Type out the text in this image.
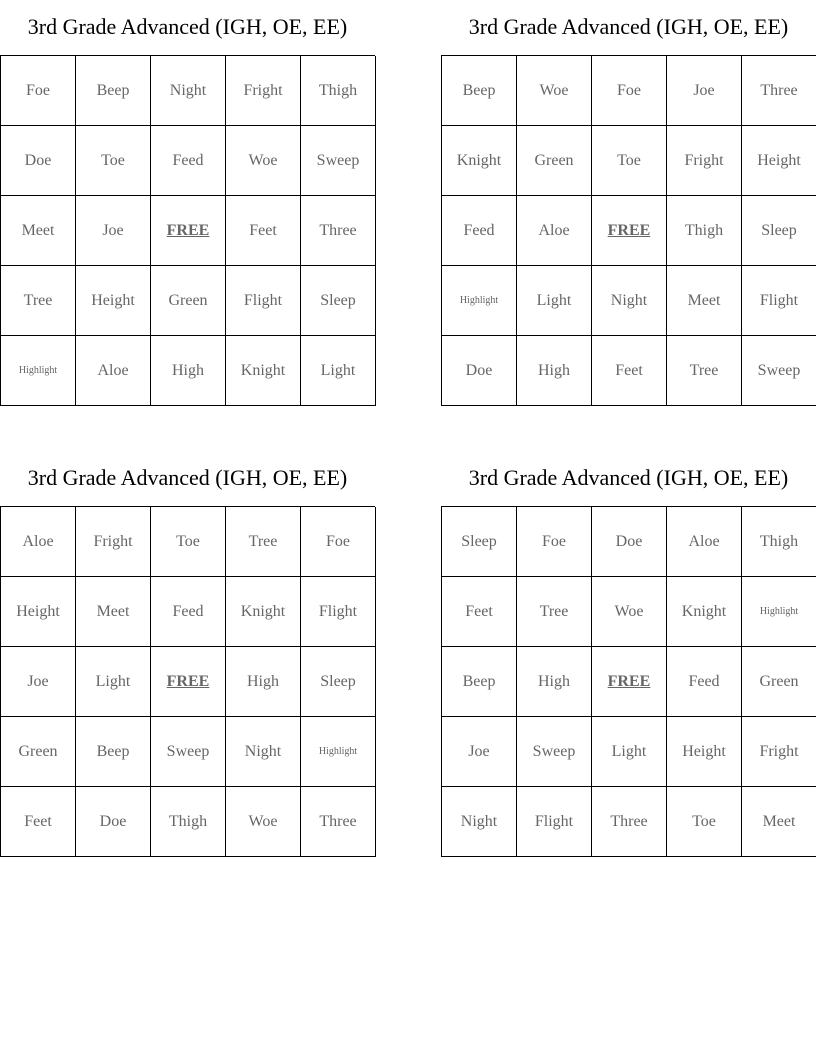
3rd Grade Advanced (IGH, OE, EE)
Foe	Beep	Night	Fright	Thigh
Doe	Toe	Feed	Woe	Sweep
Meet	Joe	FREE	Feet	Three
Tree	Height	Green	Flight	Sleep
Highlight	Aloe	High	Knight	Light
3rd Grade Advanced (IGH, OE, EE)
Beep	Woe	Foe	Joe	Three
Knight	Green	Toe	Fright	Height
Feed	Aloe	FREE	Thigh	Sleep
Highlight	Light	Night	Meet	Flight
Doe	High	Feet	Tree	Sweep
3rd Grade Advanced (IGH, OE, EE)
Aloe	Fright	Toe	Tree	Foe
Height	Meet	Feed	Knight	Flight
Joe	Light	FREE	High	Sleep
Green	Beep	Sweep	Night	Highlight
Feet	Doe	Thigh	Woe	Three
3rd Grade Advanced (IGH, OE, EE)
Sleep	Foe	Doe	Aloe	Thigh
Feet	Tree	Woe	Knight	Highlight
Beep	High	FREE	Feed	Green
Joe	Sweep	Light	Height	Fright
Night	Flight	Three	Toe	Meet
